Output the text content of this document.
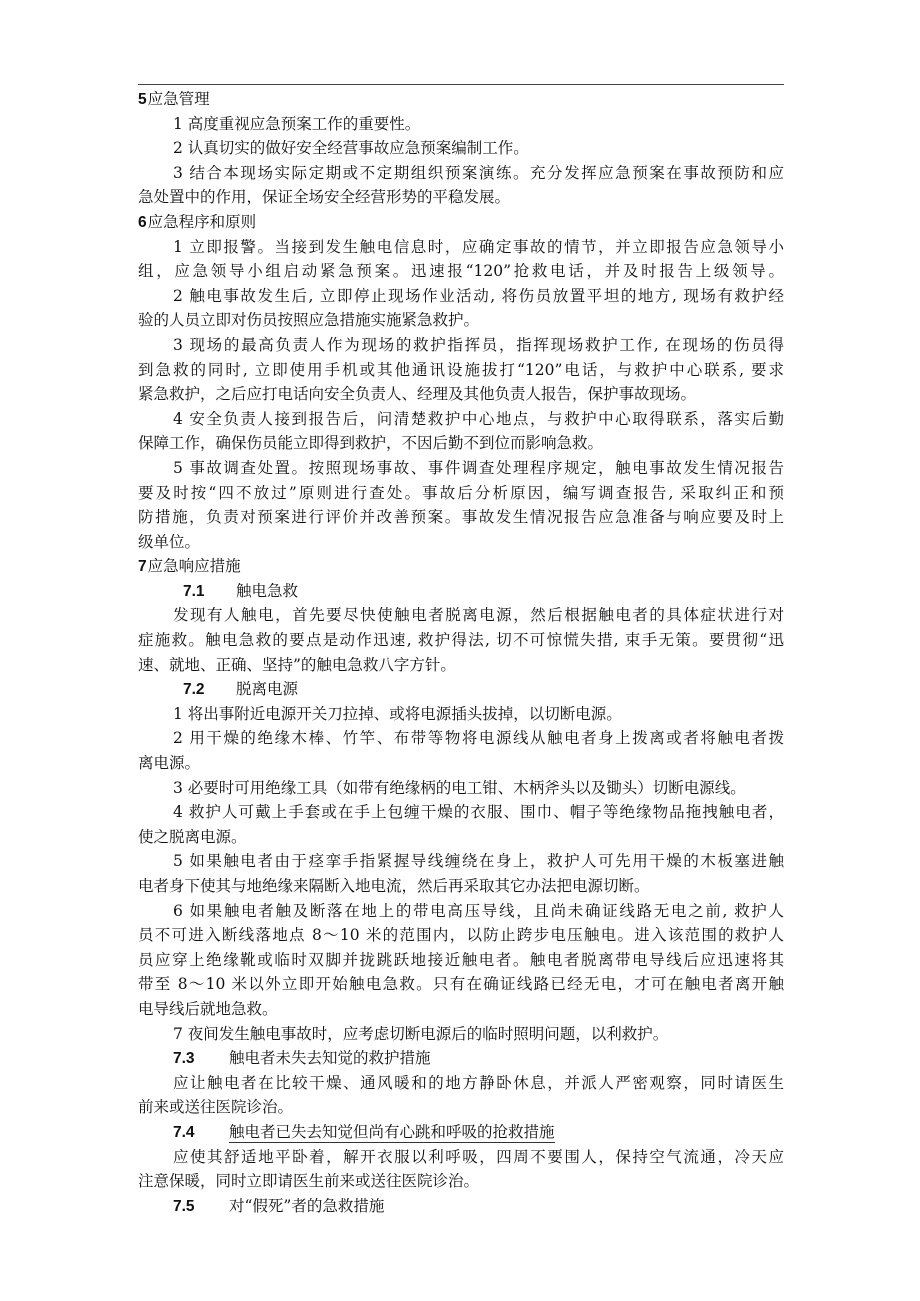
5应急管理
1 高度重视应急预案工作的重要性。
2 认真切实的做好安全经营事故应急预案编制工作。
3 结合本现场实际定期或不定期组织预案演练。充分发挥应急预案在事故预防和应
急处置中的作用，保证全场安全经营形势的平稳发展。
6应急程序和原则
1 立即报警。当接到发生触电信息时，应确定事故的情节，并立即报告应急领导小
组，应急领导小组启动紧急预案。迅速报“120”抢救电话，并及时报告上级领导。
2 触电事故发生后, 立即停止现场作业活动, 将伤员放置平坦的地方, 现场有救护经
验的人员立即对伤员按照应急措施实施紧急救护。
3 现场的最高负责人作为现场的救护指挥员，指挥现场救护工作, 在现场的伤员得
到急救的同时, 立即使用手机或其他通讯设施拔打“120”电话，与救护中心联系, 要求
紧急救护，之后应打电话向安全负责人、经理及其他负责人报告，保护事故现场。
4 安全负责人接到报告后，问清楚救护中心地点，与救护中心取得联系，落实后勤
保障工作，确保伤员能立即得到救护，不因后勤不到位而影响急救。
5 事故调查处置。按照现场事故、事件调查处理程序规定，触电事故发生情况报告
要及时按“四不放过”原则进行查处。事故后分析原因，编写调查报告, 采取纠正和预
防措施，负责对预案进行评价并改善预案。事故发生情况报告应急准备与响应要及时上
级单位。
7应急响应措施
7.1 触电急救
发现有人触电，首先要尽快使触电者脱离电源，然后根据触电者的具体症状进行对
症施救。触电急救的要点是动作迅速, 救护得法, 切不可惊慌失措, 束手无策。要贯彻“迅
速、就地、正确、坚持”的触电急救八字方针。
7.2 脱离电源
1 将出事附近电源开关刀拉掉、或将电源插头拔掉，以切断电源。
2 用干燥的绝缘木棒、竹竿、布带等物将电源线从触电者身上拨离或者将触电者拨
离电源。
3 必要时可用绝缘工具（如带有绝缘柄的电工钳、木柄斧头以及锄头）切断电源线。
4 救护人可戴上手套或在手上包缠干燥的衣服、围巾、帽子等绝缘物品拖拽触电者，
使之脱离电源。
5 如果触电者由于痉挛手指紧握导线缠绕在身上，救护人可先用干燥的木板塞进触
电者身下使其与地绝缘来隔断入地电流，然后再采取其它办法把电源切断。
6 如果触电者触及断落在地上的带电高压导线，且尚未确证线路无电之前, 救护人
员不可进入断线落地点 8～10 米的范围内，以防止跨步电压触电。进入该范围的救护人
员应穿上绝缘靴或临时双脚并拢跳跃地接近触电者。触电者脱离带电导线后应迅速将其
带至 8～10 米以外立即开始触电急救。只有在确证线路已经无电，才可在触电者离开触
电导线后就地急救。
7 夜间发生触电事故时，应考虑切断电源后的临时照明问题，以利救护。
7.3 触电者未失去知觉的救护措施
应让触电者在比较干燥、通风暖和的地方静卧休息，并派人严密观察，同时请医生
前来或送往医院诊治。
7.4 触电者已失去知觉但尚有心跳和呼吸的抢救措施
应使其舒适地平卧着，解开衣服以利呼吸，四周不要围人，保持空气流通，冷天应
注意保暖，同时立即请医生前来或送往医院诊治。
7.5 对“假死”者的急救措施
